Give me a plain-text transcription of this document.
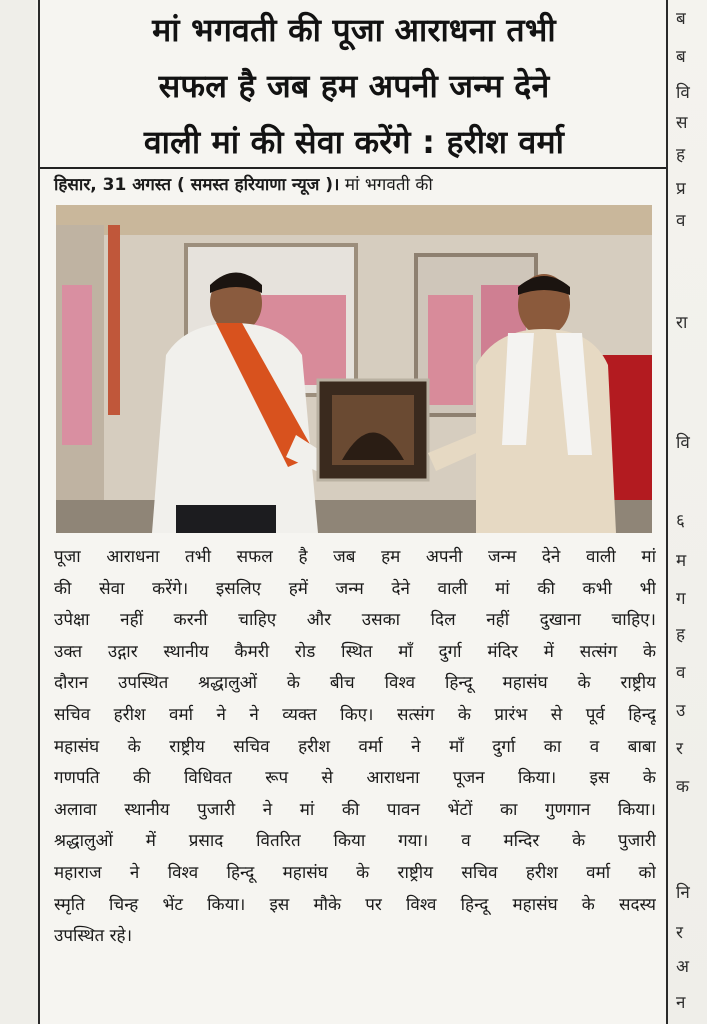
मां भगवती की पूजा आराधना तभी
सफल है जब हम अपनी जन्म देने
वाली मां की सेवा करेंगे : हरीश वर्मा
हिसार, 31 अगस्त ( समस्त हरियाणा न्यूज )। मां भगवती की
पूजा आराधना तभी सफल है जब हम अपनी जन्म देने वाली मां
की सेवा करेंगे। इसलिए हमें जन्म देने वाली मां की कभी भी
उपेक्षा नहीं करनी चाहिए और उसका दिल नहीं दुखाना चाहिए।
उक्त उद्गार स्थानीय कैमरी रोड स्थित माँ दुर्गा मंदिर में सत्संग के
दौरान उपस्थित श्रद्धालुओं के बीच विश्व हिन्दू महासंघ के राष्ट्रीय
सचिव हरीश वर्मा ने ने व्यक्त किए। सत्संग के प्रारंभ से पूर्व हिन्दू
महासंघ के राष्ट्रीय सचिव हरीश वर्मा ने माँ दुर्गा का व बाबा
गणपति की विधिवत रूप से आराधना पूजन किया। इस के
अलावा स्थानीय पुजारी ने मां की पावन भेंटों का गुणगान किया।
श्रद्धालुओं में प्रसाद वितरित किया गया। व मन्दिर के पुजारी
महाराज ने विश्व हिन्दू महासंघ के राष्ट्रीय सचिव हरीश वर्मा को
स्मृति चिन्ह भेंट किया। इस मौके पर विश्व हिन्दू महासंघ के सदस्य
उपस्थित रहे।
ब
ब
वि
स
ह
प्र
व
रा
वि
६
म
ग
ह
व
उ
र
क
नि
र
अ
न
